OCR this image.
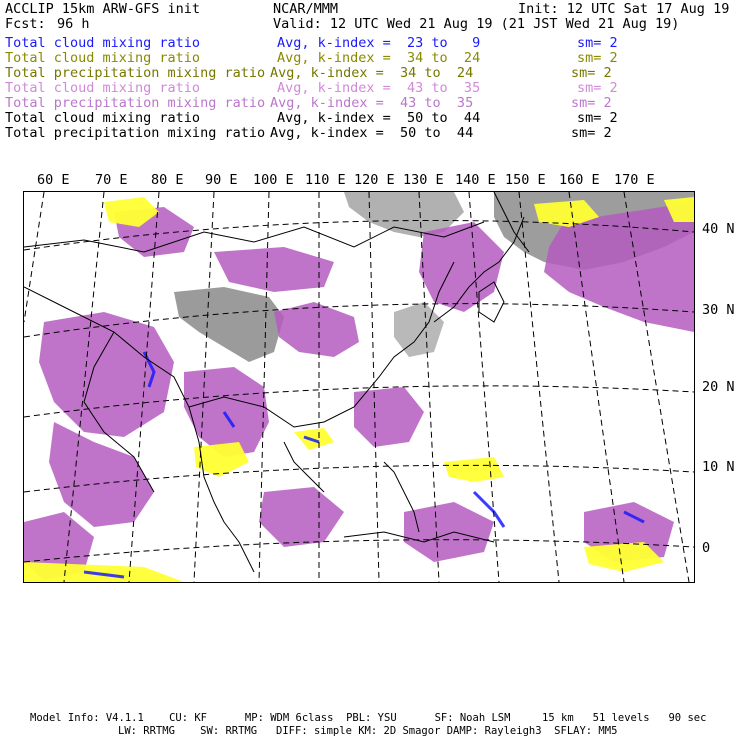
ACCLIP 15km ARW-GFS init	NCAR/MMM	Init: 12 UTC Sat 17 Aug 19
Fcst: 96 h	Valid: 12 UTC Wed 21 Aug 19 (21 JST Wed 21 Aug 19)
Total cloud mixing ratio	Avg, k-index =  23 to   9	sm= 2
Total cloud mixing ratio	Avg, k-index =  34 to  24	sm= 2
Total precipitation mixing ratio Avg, k-index =  34 to  24	sm= 2
Total cloud mixing ratio	Avg, k-index =  43 to  35	sm= 2
Total precipitation mixing ratio Avg, k-index =  43 to  35	sm= 2
Total cloud mixing ratio	Avg, k-index =  50 to  44	sm= 2
Total precipitation mixing ratio Avg, k-index =  50 to  44	sm= 2
60 E 70 E 80 E 90 E 100 E 110 E 120 E 130 E 140 E 150 E 160 E 170 E
40 N
30 N
20 N
10 N
0
Model Info: V4.1.1    CU: KF      MP: WDM 6class  PBL: YSU      SF: Noah LSM     15 km   51 levels   90 sec
LW: RRTMG    SW: RRTMG   DIFF: simple KM: 2D Smagor DAMP: Rayleigh3  SFLAY: MM5
